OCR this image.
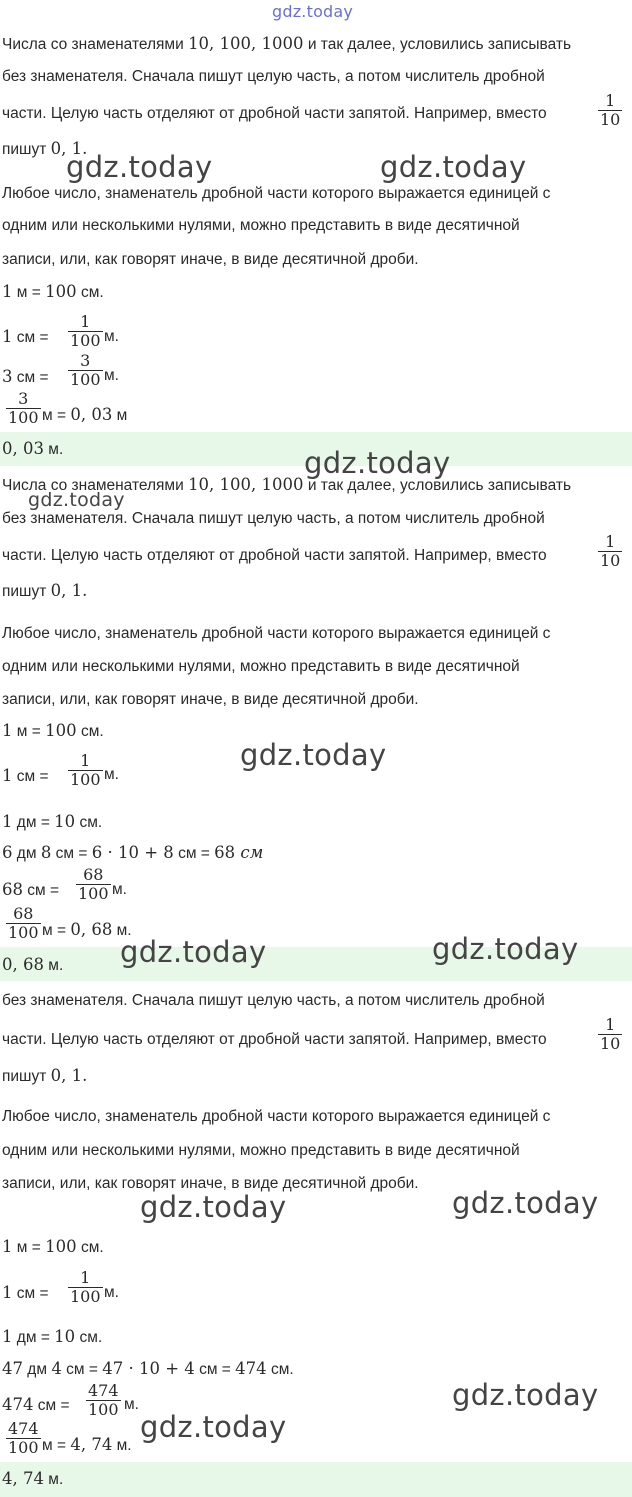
gdz.today
Числа со знаменателями 10, 100, 1000 и так далее, условились записывать
без знаменателя. Сначала пишут целую часть, а потом числитель дробной
части. Целую часть отделяют от дробной части запятой. Например, вместо
1
10
пишут 0, 1.
Любое число, знаменатель дробной части которого выражается единицей с
одним или несколькими нулями, можно представить в виде десятичной
записи, или, как говорят иначе, в виде десятичной дроби.
gdz.today	gdz.today
1 м = 100 см.
1 см =
1
100 м.
3 см =
3
100 м.
3
100 м = 0, 03 м
0, 03 м.	gdz.today
Числа со знаменателями 10, 100, 1000 и так далее, условились записывать
gdz.today
без знаменателя. Сначала пишут целую часть, а потом числитель дробной
части. Целую часть отделяют от дробной части запятой. Например, вместо
1
10
пишут 0, 1.
Любое число, знаменатель дробной части которого выражается единицей с
одним или несколькими нулями, можно представить в виде десятичной
записи, или, как говорят иначе, в виде десятичной дроби.
1 м = 100 см.
gdz.today
1 см =
1
100 м.
1 дм = 10 см.
6 дм 8 см = 6 · 10 + 8 см = 68 см
68 см =
68
100 м.
68
100 м = 0, 68 м.
0, 68 м. gdz.today	gdz.today
без знаменателя. Сначала пишут целую часть, а потом числитель дробной
части. Целую часть отделяют от дробной части запятой. Например, вместо
1
10
пишут 0, 1.
Любое число, знаменатель дробной части которого выражается единицей с
одним или несколькими нулями, можно представить в виде десятичной
записи, или, как говорят иначе, в виде десятичной дроби.
gdz.today	gdz.today
1 м = 100 см.
1 см =
1
100 м.
1 дм = 10 см.
47 дм 4 см = 47 · 10 + 4 см = 474 см.
474 см =
474
100 м.	gdz.today
474
100 м = 4, 74 м.
gdz.today
4, 74 м.
